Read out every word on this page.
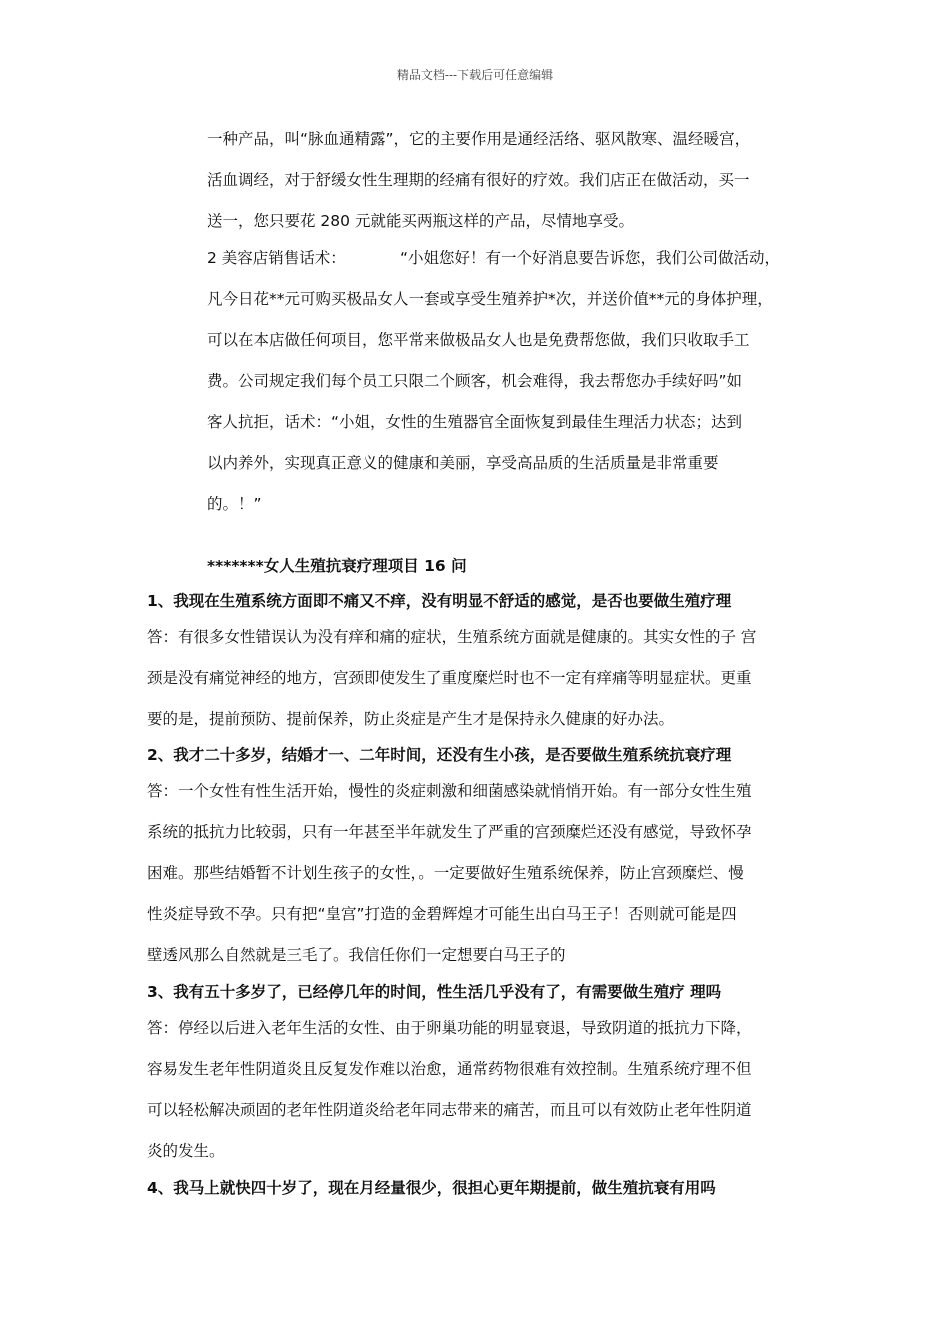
精品文档---下载后可任意编辑
一种产品，叫“脉血通精露”，它的主要作用是通经活络、驱风散寒、温经暖宫，
活血调经，对于舒缓女性生理期的经痛有很好的疗效。我们店正在做活动，买一
送一，您只要花 280 元就能买两瓶这样的产品，尽情地享受。
2 美容店销售话术：	“小姐您好！有一个好消息要告诉您，我们公司做活动，
凡今日花**元可购买极品女人一套或享受生殖养护*次，并送价值**元的身体护理，
可以在本店做任何项目，您平常来做极品女人也是免费帮您做，我们只收取手工
费。公司规定我们每个员工只限二个顾客，机会难得，我去帮您办手续好吗”如
客人抗拒，话术：“小姐，女性的生殖器官全面恢复到最佳生理活力状态；达到
以内养外，实现真正意义的健康和美丽，享受高品质的生活质量是非常重要
的。！”
*******女人生殖抗衰疗理项目 16 问
1、我现在生殖系统方面即不痛又不痒，没有明显不舒适的感觉，是否也要做生殖疗理
答：有很多女性错误认为没有痒和痛的症状，生殖系统方面就是健康的。其实女性的子 宫
颈是没有痛觉神经的地方，宫颈即使发生了重度糜烂时也不一定有痒痛等明显症状。更重
要的是，提前预防、提前保养，防止炎症是产生才是保持永久健康的好办法。
2、我才二十多岁，结婚才一、二年时间，还没有生小孩，是否要做生殖系统抗衰疗理
答：一个女性有性生活开始，慢性的炎症刺激和细菌感染就悄悄开始。有一部分女性生殖
系统的抵抗力比较弱，只有一年甚至半年就发生了严重的宫颈糜烂还没有感觉，导致怀孕
困难。那些结婚暂不计划生孩子的女性，。一定要做好生殖系统保养，防止宫颈糜烂、慢
性炎症导致不孕。只有把“皇宫”打造的金碧辉煌才可能生出白马王子！否则就可能是四
壁透风那么自然就是三毛了。我信任你们一定想要白马王子的
3、我有五十多岁了，已经停几年的时间，性生活几乎没有了，有需要做生殖疗 理吗
答：停经以后进入老年生活的女性、由于卵巢功能的明显衰退，导致阴道的抵抗力下降，
容易发生老年性阴道炎且反复发作难以治愈，通常药物很难有效控制。生殖系统疗理不但
可以轻松解决顽固的老年性阴道炎给老年同志带来的痛苦，而且可以有效防止老年性阴道
炎的发生。
4、我马上就快四十岁了，现在月经量很少，很担心更年期提前，做生殖抗衰有用吗
